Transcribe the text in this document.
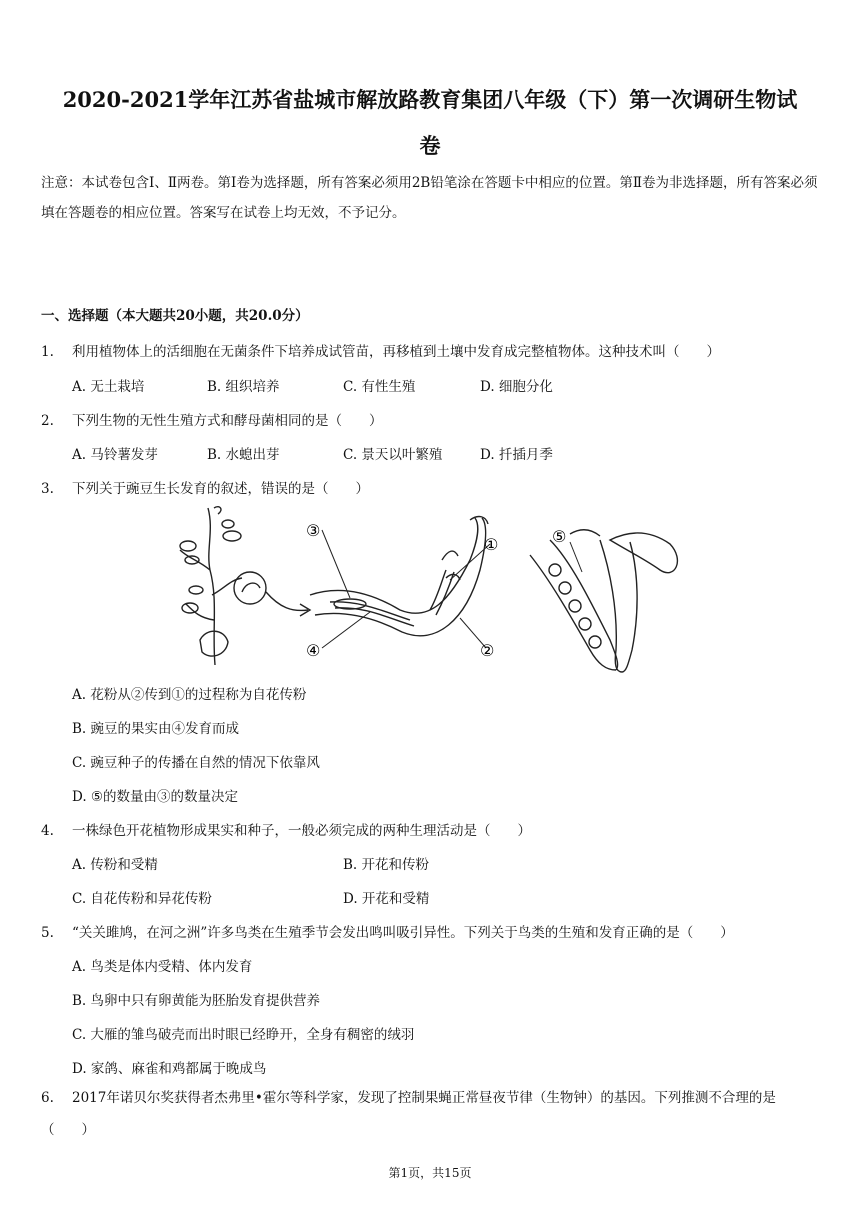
2020-2021学年江苏省盐城市解放路教育集团八年级（下）第一次调研生物试
卷
注意：本试卷包含Ⅰ、Ⅱ两卷。第Ⅰ卷为选择题，所有答案必须用2B铅笔涂在答题卡中相应的位置。第Ⅱ卷为非选择题，所有答案必须填在答题卷的相应位置。答案写在试卷上均无效，不予记分。
一、选择题（本大题共20小题，共20.0分）
1. 利用植物体上的活细胞在无菌条件下培养成试管苗，再移植到土壤中发育成完整植物体。这种技术叫（　　）
A. 无土栽培	B. 组织培养	C. 有性生殖	D. 细胞分化
2. 下列生物的无性生殖方式和酵母菌相同的是（　　）
A. 马铃薯发芽	B. 水螅出芽	C. 景天以叶繁殖	D. 扦插月季
3. 下列关于豌豆生长发育的叙述，错误的是（　　）
③
①
④	②
⑤
A. 花粉从②传到①的过程称为自花传粉
B. 豌豆的果实由④发育而成
C. 豌豆种子的传播在自然的情况下依靠风
D. ⑤的数量由③的数量决定
4. 一株绿色开花植物形成果实和种子，一般必须完成的两种生理活动是（　　）
A. 传粉和受精	B. 开花和传粉
C. 自花传粉和异花传粉	D. 开花和受精
5. “关关雎鸠，在河之洲”许多鸟类在生殖季节会发出鸣叫吸引异性。下列关于鸟类的生殖和发育正确的是（　　）
A. 鸟类是体内受精、体内发育
B. 鸟卵中只有卵黄能为胚胎发育提供营养
C. 大雁的雏鸟破壳而出时眼已经睁开，全身有稠密的绒羽
D. 家鸽、麻雀和鸡都属于晚成鸟
6. 2017年诺贝尔奖获得者杰弗里•霍尔等科学家，发现了控制果蝇正常昼夜节律（生物钟）的基因。下列推测不合理的是（　　）
第1页，共15页
